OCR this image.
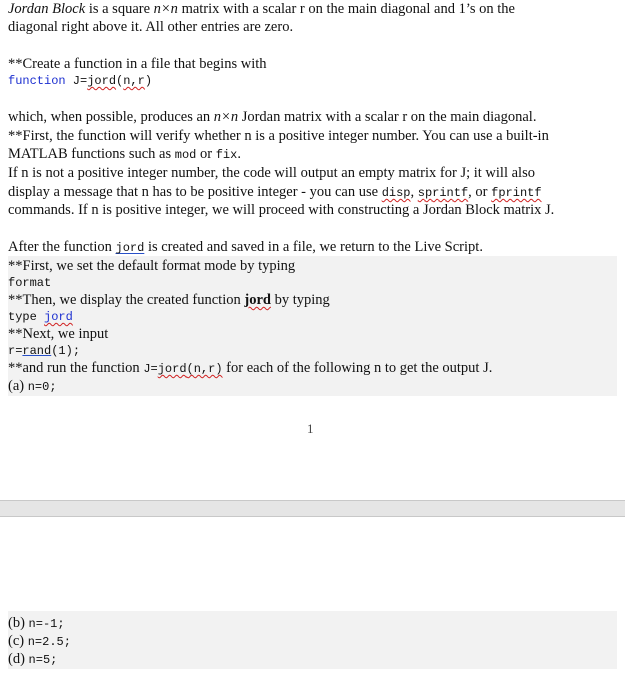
Jordan Block is a square n×n matrix with a scalar r on the main diagonal and 1’s on the
diagonal right above it. All other entries are zero.
**Create a function in a file that begins with
function J=jord(n,r)
which, when possible, produces an n×n Jordan matrix with a scalar r on the main diagonal.
**First, the function will verify whether n is a positive integer number. You can use a built-in
MATLAB functions such as mod or fix.
If n is not a positive integer number, the code will output an empty matrix for J; it will also
display a message that n has to be positive integer - you can use disp, sprintf, or fprintf
commands. If n is positive integer, we will proceed with constructing a Jordan Block matrix J.
After the function jord is created and saved in a file, we return to the Live Script.
**First, we set the default format mode by typing
format
**Then, we display the created function jord by typing
type jord
**Next, we input
r=rand(1);
**and run the function J=jord(n,r) for each of the following n to get the output J.
(a) n=0;
1
(b) n=-1;
(c) n=2.5;
(d) n=5;
